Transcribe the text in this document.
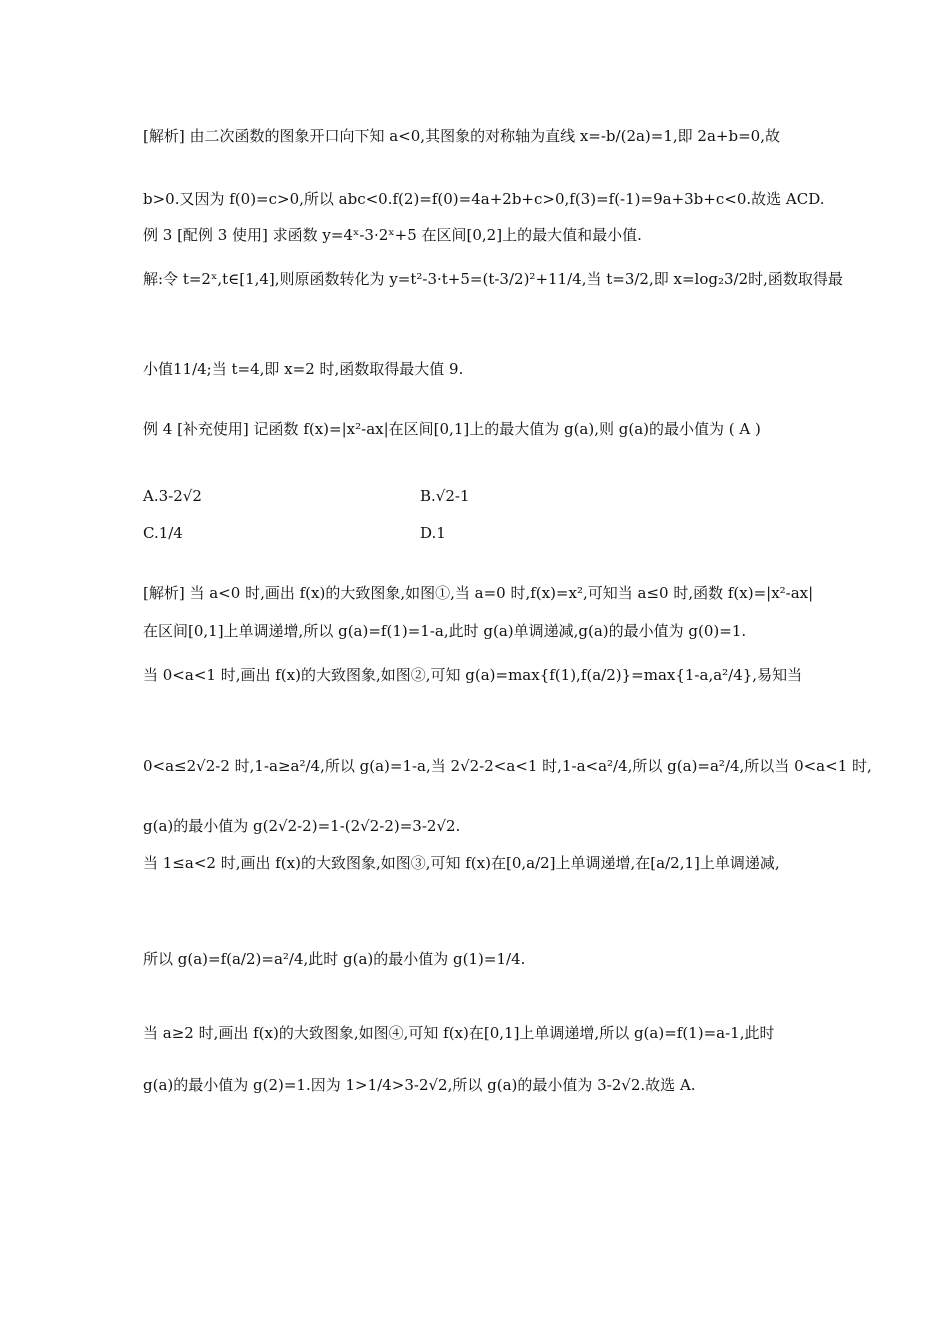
[解析] 由二次函数的图象开口向下知 a<0,其图象的对称轴为直线 x=-b/(2a)=1,即 2a+b=0,故
b>0.又因为 f(0)=c>0,所以 abc<0.f(2)=f(0)=4a+2b+c>0,f(3)=f(-1)=9a+3b+c<0.故选 ACD.
例 3 [配例 3 使用] 求函数 y=4ˣ-3·2ˣ+5 在区间[0,2]上的最大值和最小值.
解:令 t=2ˣ,t∈[1,4],则原函数转化为 y=t²-3·t+5=(t-3/2)²+11/4,当 t=3/2,即 x=log₂3/2时,函数取得最
小值11/4;当 t=4,即 x=2 时,函数取得最大值 9.
例 4 [补充使用] 记函数 f(x)=|x²-ax|在区间[0,1]上的最大值为 g(a),则 g(a)的最小值为 ( A )
A.3-2√2	B.√2-1
C.1/4	D.1
[解析] 当 a<0 时,画出 f(x)的大致图象,如图①,当 a=0 时,f(x)=x²,可知当 a≤0 时,函数 f(x)=|x²-ax|
在区间[0,1]上单调递增,所以 g(a)=f(1)=1-a,此时 g(a)单调递减,g(a)的最小值为 g(0)=1.
当 0<a<1 时,画出 f(x)的大致图象,如图②,可知 g(a)=max{f(1),f(a/2)}=max{1-a,a²/4},易知当
0<a≤2√2-2 时,1-a≥a²/4,所以 g(a)=1-a,当 2√2-2<a<1 时,1-a<a²/4,所以 g(a)=a²/4,所以当 0<a<1 时,
g(a)的最小值为 g(2√2-2)=1-(2√2-2)=3-2√2.
当 1≤a<2 时,画出 f(x)的大致图象,如图③,可知 f(x)在[0,a/2]上单调递增,在[a/2,1]上单调递减,
所以 g(a)=f(a/2)=a²/4,此时 g(a)的最小值为 g(1)=1/4.
当 a≥2 时,画出 f(x)的大致图象,如图④,可知 f(x)在[0,1]上单调递增,所以 g(a)=f(1)=a-1,此时
g(a)的最小值为 g(2)=1.因为 1>1/4>3-2√2,所以 g(a)的最小值为 3-2√2.故选 A.
